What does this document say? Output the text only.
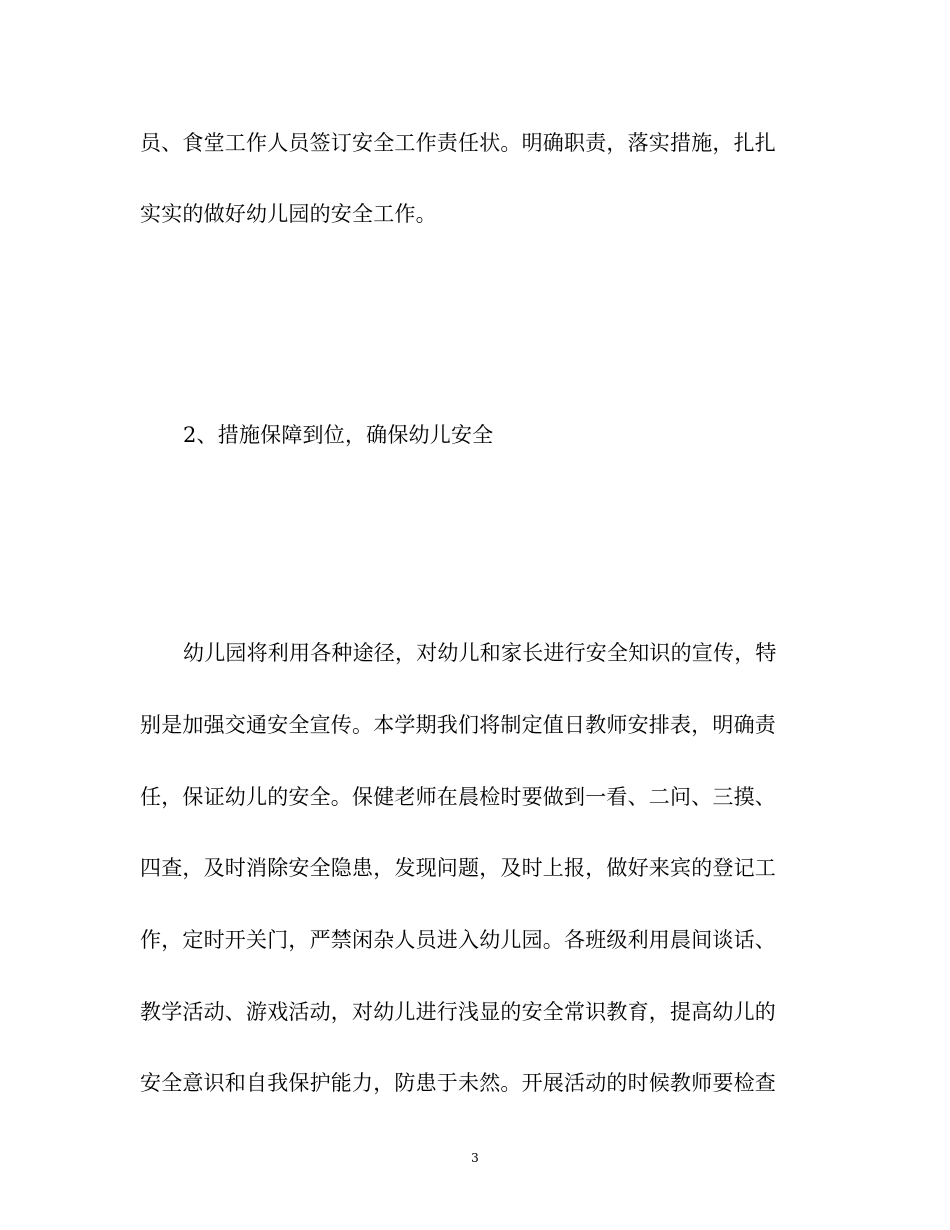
员、食堂工作人员签订安全工作责任状。明确职责，落实措施，扎扎
实实的做好幼儿园的安全工作。
2、措施保障到位，确保幼儿安全
幼儿园将利用各种途径，对幼儿和家长进行安全知识的宣传，特
别是加强交通安全宣传。本学期我们将制定值日教师安排表，明确责
任，保证幼儿的安全。保健老师在晨检时要做到一看、二问、三摸、
四查，及时消除安全隐患，发现问题，及时上报，做好来宾的登记工
作，定时开关门，严禁闲杂人员进入幼儿园。各班级利用晨间谈话、
教学活动、游戏活动，对幼儿进行浅显的安全常识教育，提高幼儿的
安全意识和自我保护能力，防患于未然。开展活动的时候教师要检查
3
